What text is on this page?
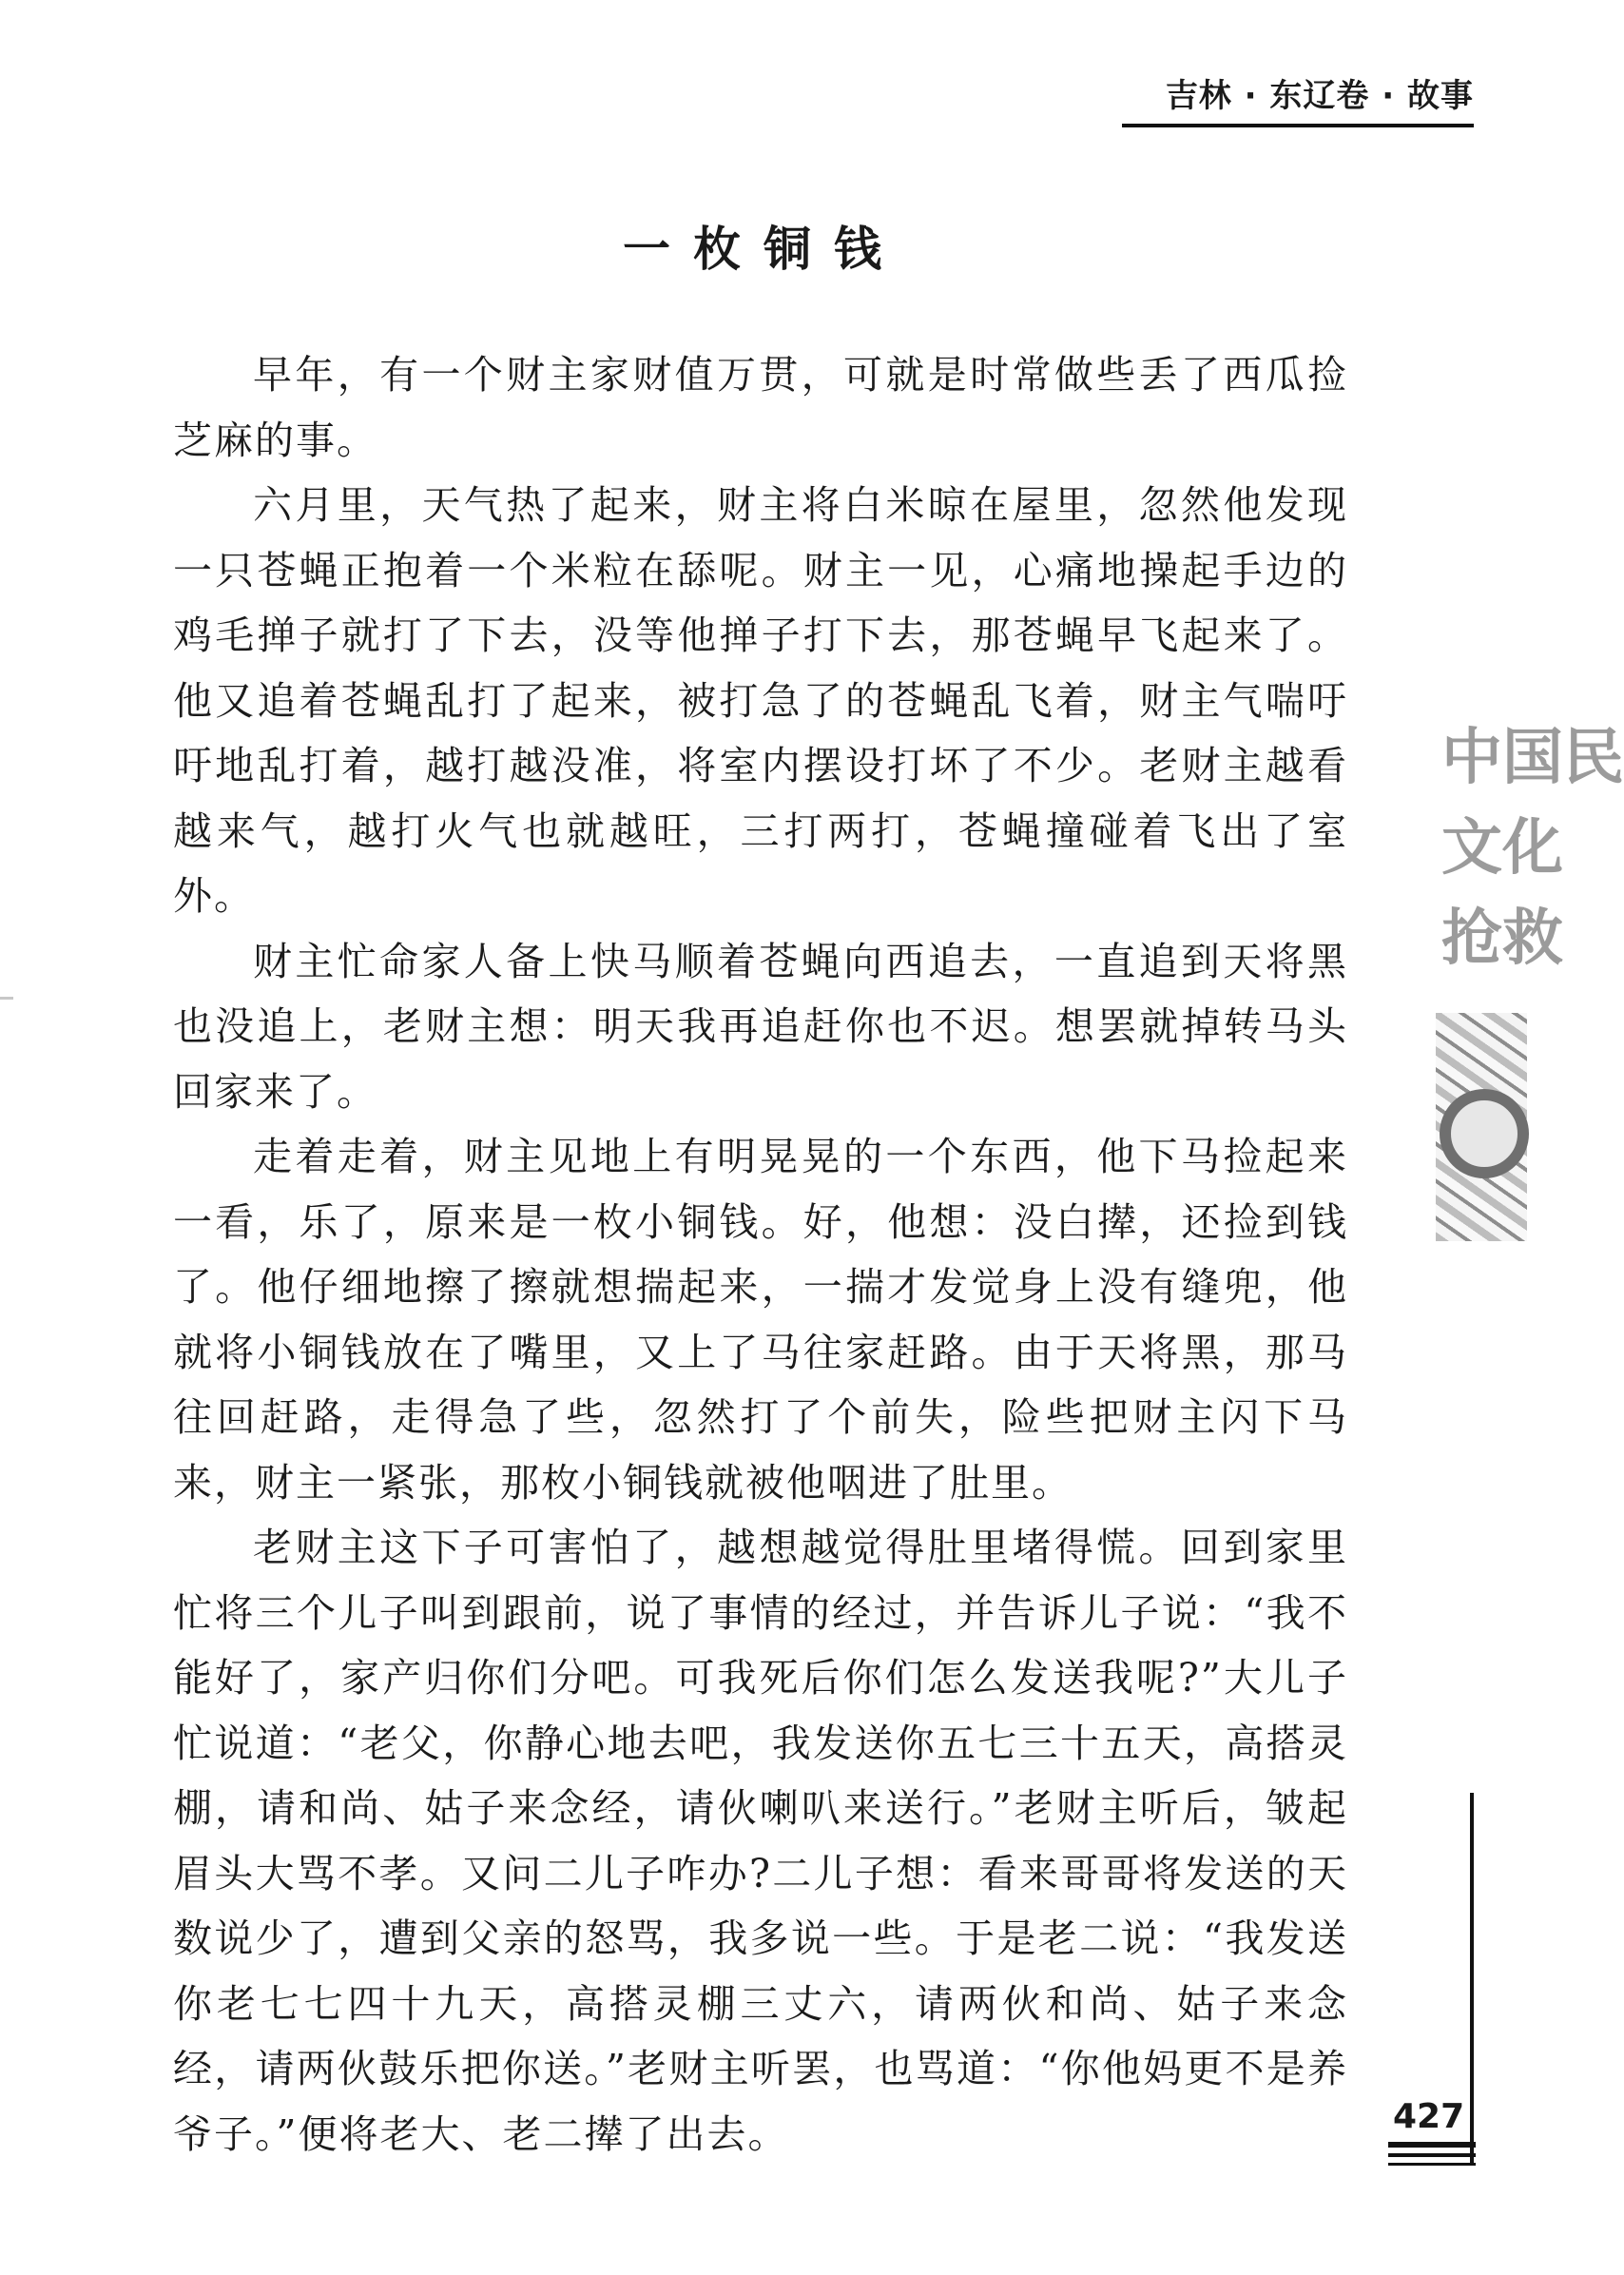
吉林 · 东辽卷 · 故事
一枚铜钱

早年，有一个财主家财值万贯，可就是时常做些丢了西瓜捡芝麻的事。

六月里，天气热了起来，财主将白米晾在屋里，忽然他发现一只苍蝇正抱着一个米粒在舔呢。财主一见，心痛地操起手边的鸡毛掸子就打了下去，没等他掸子打下去，那苍蝇早飞起来了。他又追着苍蝇乱打了起来，被打急了的苍蝇乱飞着，财主气喘吁吁地乱打着，越打越没准，将室内摆设打坏了不少。老财主越看越来气，越打火气也就越旺，三打两打，苍蝇撞碰着飞出了室外。

财主忙命家人备上快马顺着苍蝇向西追去，一直追到天将黑也没追上，老财主想：明天我再追赶你也不迟。想罢就掉转马头回家来了。

走着走着，财主见地上有明晃晃的一个东西，他下马捡起来一看，乐了，原来是一枚小铜钱。好，他想：没白撵，还捡到钱了。他仔细地擦了擦就想揣起来，一揣才发觉身上没有缝兜，他就将小铜钱放在了嘴里，又上了马往家赶路。由于天将黑，那马往回赶路，走得急了些，忽然打了个前失，险些把财主闪下马来，财主一紧张，那枚小铜钱就被他咽进了肚里。

老财主这下子可害怕了，越想越觉得肚里堵得慌。回到家里忙将三个儿子叫到跟前，说了事情的经过，并告诉儿子说：“我不能好了，家产归你们分吧。可我死后你们怎么发送我呢?”大儿子忙说道：“老父，你静心地去吧，我发送你五七三十五天，高搭灵棚，请和尚、姑子来念经，请伙喇叭来送行。”老财主听后，皱起眉头大骂不孝。又问二儿子咋办?二儿子想：看来哥哥将发送的天数说少了，遭到父亲的怒骂，我多说一些。于是老二说：“我发送你老七七四十九天，高搭灵棚三丈六，请两伙和尚、姑子来念经，请两伙鼓乐把你送。”老财主听罢，也骂道：“你他妈更不是养爷子。”便将老大、老二撵了出去。

中国民
文化
抢救
427
